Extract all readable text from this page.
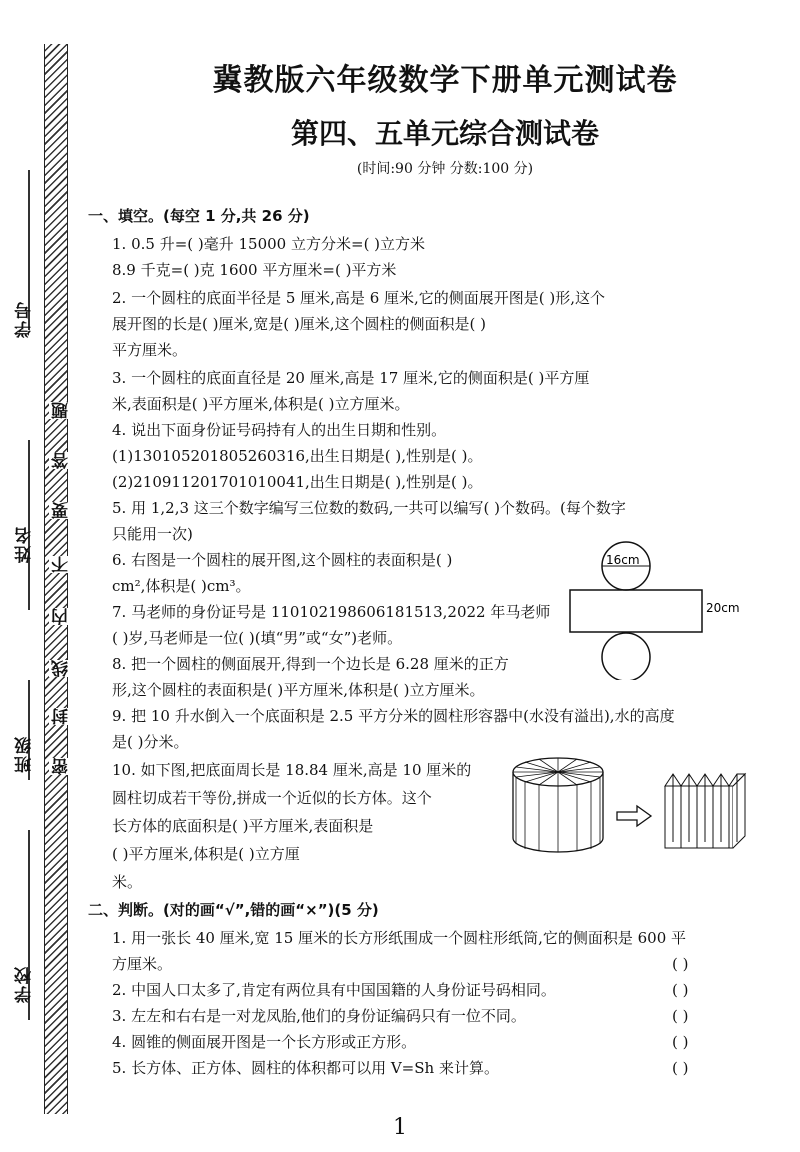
学号
姓名
班级
学校
题
答
要
不
内
线
封
密
冀教版六年级数学下册单元测试卷
第四、五单元综合测试卷
(时间:90 分钟 分数:100 分)
一、填空。(每空 1 分,共 26 分)
1. 0.5 升=( )毫升 15000 立方分米=( )立方米
8.9 千克=( )克 1600 平方厘米=( )平方米
2. 一个圆柱的底面半径是 5 厘米,高是 6 厘米,它的侧面展开图是( )形,这个
展开图的长是( )厘米,宽是( )厘米,这个圆柱的侧面积是( )
平方厘米。
3. 一个圆柱的底面直径是 20 厘米,高是 17 厘米,它的侧面积是( )平方厘
米,表面积是( )平方厘米,体积是( )立方厘米。
4. 说出下面身份证号码持有人的出生日期和性别。
(1)130105201805260316,出生日期是( ),性别是( )。
(2)210911201701010041,出生日期是( ),性别是( )。
5. 用 1,2,3 这三个数字编写三位数的数码,一共可以编写( )个数码。(每个数字
只能用一次)
6. 右图是一个圆柱的展开图,这个圆柱的表面积是( )
cm²,体积是( )cm³。
7. 马老师的身份证号是 110102198606181513,2022 年马老师
( )岁,马老师是一位( )(填“男”或“女”)老师。
8. 把一个圆柱的侧面展开,得到一个边长是 6.28 厘米的正方
形,这个圆柱的表面积是( )平方厘米,体积是( )立方厘米。
9. 把 10 升水倒入一个底面积是 2.5 平方分米的圆柱形容器中(水没有溢出),水的高度
是( )分米。
10. 如下图,把底面周长是 18.84 厘米,高是 10 厘米的
圆柱切成若干等份,拼成一个近似的长方体。这个
长方体的底面积是( )平方厘米,表面积是
( )平方厘米,体积是( )立方厘
米。
16cm
20cm
二、判断。(对的画“√”,错的画“×”)(5 分)
1. 用一张长 40 厘米,宽 15 厘米的长方形纸围成一个圆柱形纸筒,它的侧面积是 600 平
方厘米。	( )
2. 中国人口太多了,肯定有两位具有中国国籍的人身份证号码相同。	( )
3. 左左和右右是一对龙凤胎,他们的身份证编码只有一位不同。	( )
4. 圆锥的侧面展开图是一个长方形或正方形。	( )
5. 长方体、正方体、圆柱的体积都可以用 V=Sh 来计算。	( )
1
